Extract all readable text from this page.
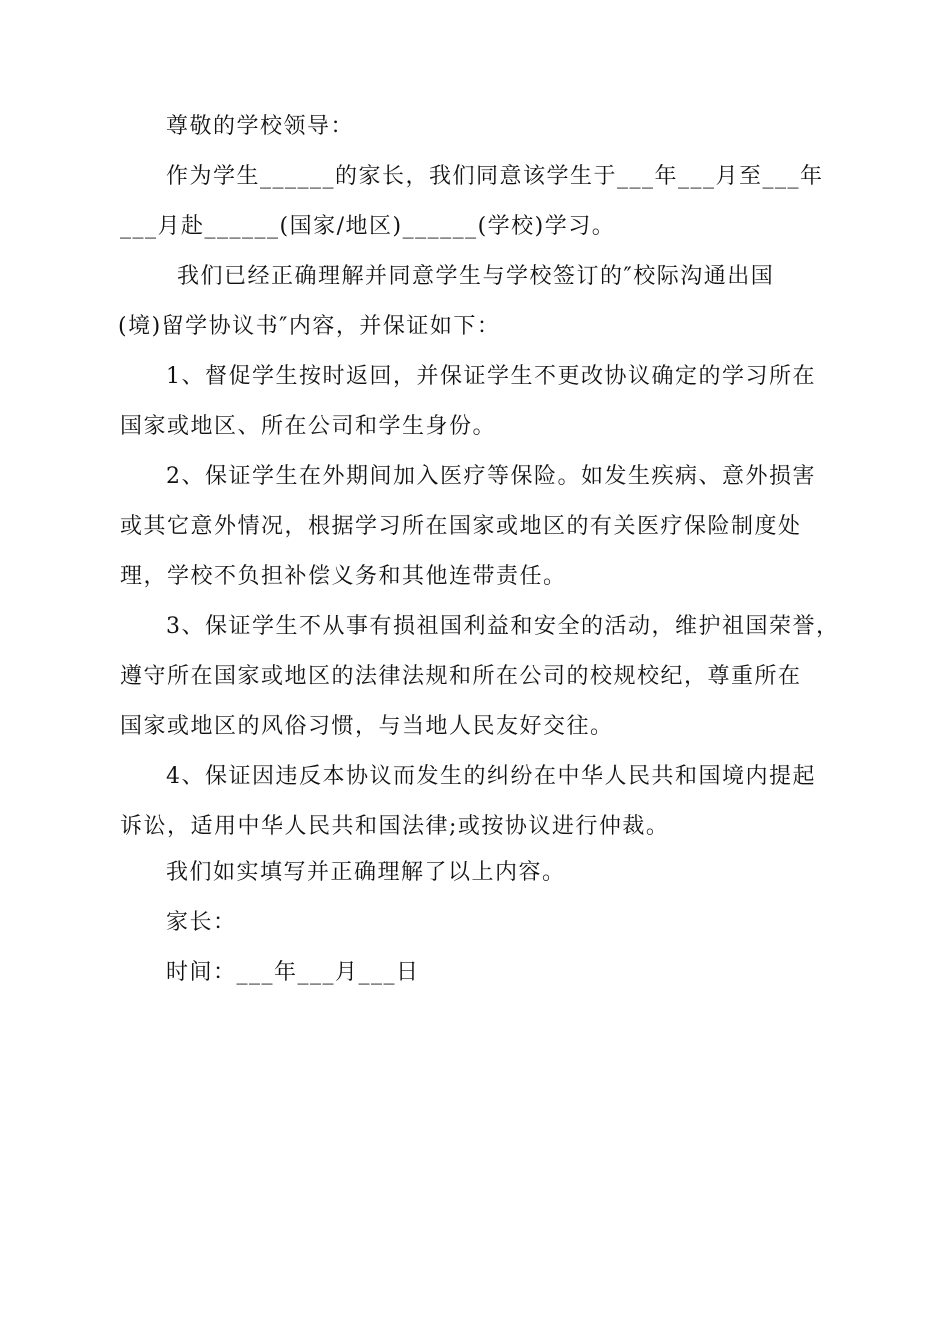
尊敬的学校领导：
作为学生______的家长，我们同意该学生于___年___月至___年
___月赴______(国家/地区)______(学校)学习。
我们已经正确理解并同意学生与学校签订的″校际沟通出国
(境)留学协议书″内容，并保证如下：
1、督促学生按时返回，并保证学生不更改协议确定的学习所在
国家或地区、所在公司和学生身份。
2、保证学生在外期间加入医疗等保险。如发生疾病、意外损害
或其它意外情况，根据学习所在国家或地区的有关医疗保险制度处
理，学校不负担补偿义务和其他连带责任。
3、保证学生不从事有损祖国利益和安全的活动，维护祖国荣誉，
遵守所在国家或地区的法律法规和所在公司的校规校纪，尊重所在
国家或地区的风俗习惯，与当地人民友好交往。
4、保证因违反本协议而发生的纠纷在中华人民共和国境内提起
诉讼，适用中华人民共和国法律;或按协议进行仲裁。
我们如实填写并正确理解了以上内容。
家长：
时间：___年___月___日
